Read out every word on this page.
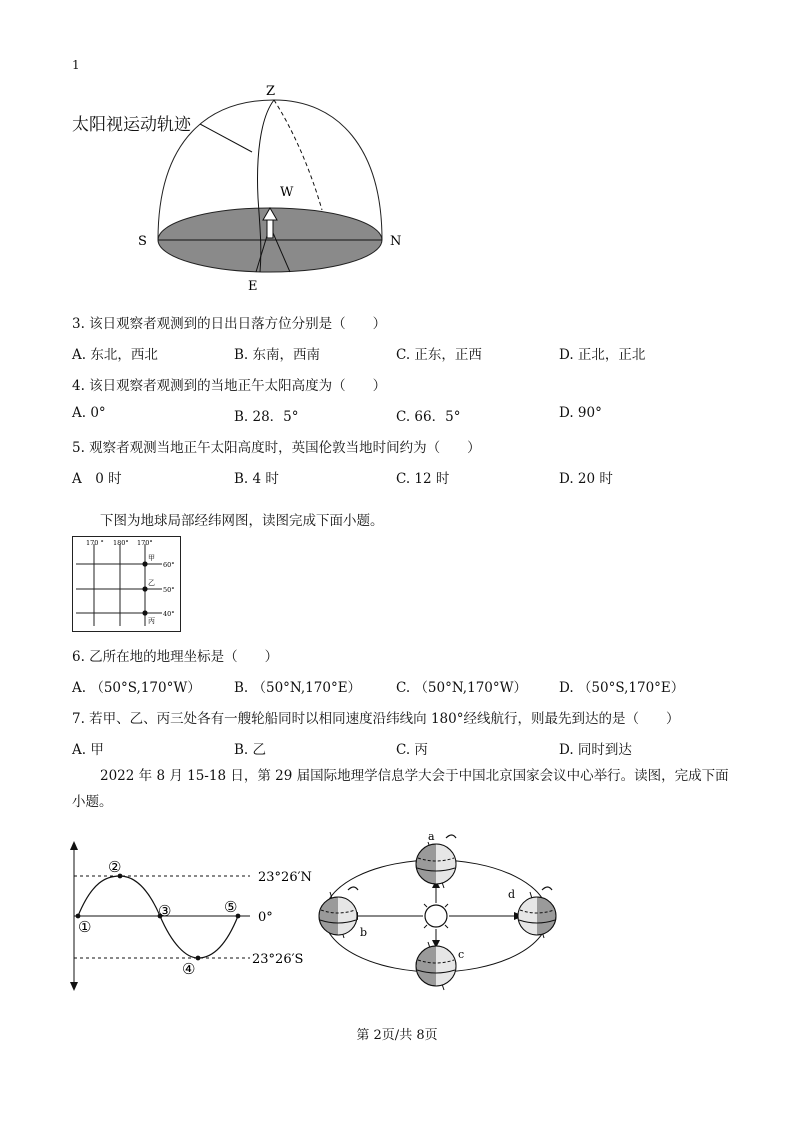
1
太阳视运动轨迹
Z
W
S	N
E
3. 该日观察者观测到的日出日落方位分别是（　　）
A. 东北，西北	B. 东南，西南	C. 正东，正西	D. 正北，正北
4. 该日观察者观测到的当地正午太阳高度为（　　）
A. 0°	B. 28．5°	C. 66．5°	D. 90°
5. 观察者观测当地正午太阳高度时，英国伦敦当地时间约为（　　）
A　0 时	B. 4 时	C. 12 时	D. 20 时
下图为地球局部经纬网图，读图完成下面小题。
170 ° 180° 170°
60°
50°
40°
甲
乙
丙
6. 乙所在地的地理坐标是（　　）
A. （50°S,170°W） B. （50°N,170°E）	C. （50°N,170°W） D. （50°S,170°E）
7. 若甲、乙、丙三处各有一艘轮船同时以相同速度沿纬线向 180°经线航行，则最先到达的是（　　）
A. 甲	B. 乙	C. 丙	D. 同时到达
2022 年 8 月 15-18 日，第 29 届国际地理学信息学大会于中国北京国家会议中心举行。读图，完成下面
小题。
①
②
③
④
⑤
23°26′N
0°
23°26′S
a
b
c
d
第 2页/共 8页
